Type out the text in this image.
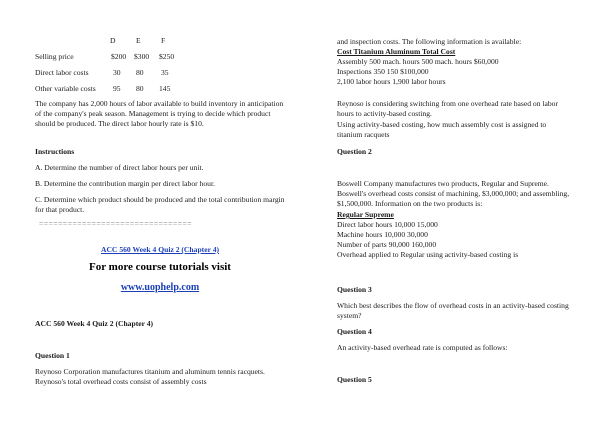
D	E	F
Selling price	$200 $300 $250
Direct labor costs	30 80 35
Other variable costs 95 80 145

The company has 2,000 hours of labor available to build inventory in anticipation of the company's peak season. Management is trying to decide which product should be produced. The direct labor hourly rate is $10.

Instructions

A. Determine the number of direct labor hours per unit.

B. Determine the contribution margin per direct labor hour.

C. Determine which product should be produced and the total contribution margin for that product.

================================

ACC 560 Week 4 Quiz 2 (Chapter 4)

For more course tutorials visit

www.uophelp.com

ACC 560 Week 4 Quiz 2 (Chapter 4)

Question 1

Reynoso Corporation manufactures titanium and aluminum tennis racquets. Reynoso's total overhead costs consist of assembly costs

and inspection costs. The following information is available:

Cost Titanium Aluminum Total Cost

Assembly 500 mach. hours 500 mach. hours $60,000

Inspections 350 150 $100,000

2,100 labor hours 1,900 labor hours

Reynoso is considering switching from one overhead rate based on labor hours to activity-based costing.

Using activity-based costing, how much assembly cost is assigned to titanium racquets

Question 2

Boswell Company manufactures two products, Regular and Supreme. Boswell's overhead costs consist of machining, $3,000,000; and assembling, $1,500,000. Information on the two products is:

Regular Supreme

Direct labor hours 10,000 15,000

Machine hours 10,000 30,000

Number of parts 90,000 160,000

Overhead applied to Regular using activity-based costing is

Question 3

Which best describes the flow of overhead costs in an activity-based costing system?

Question 4

An activity-based overhead rate is computed as follows:

Question 5
